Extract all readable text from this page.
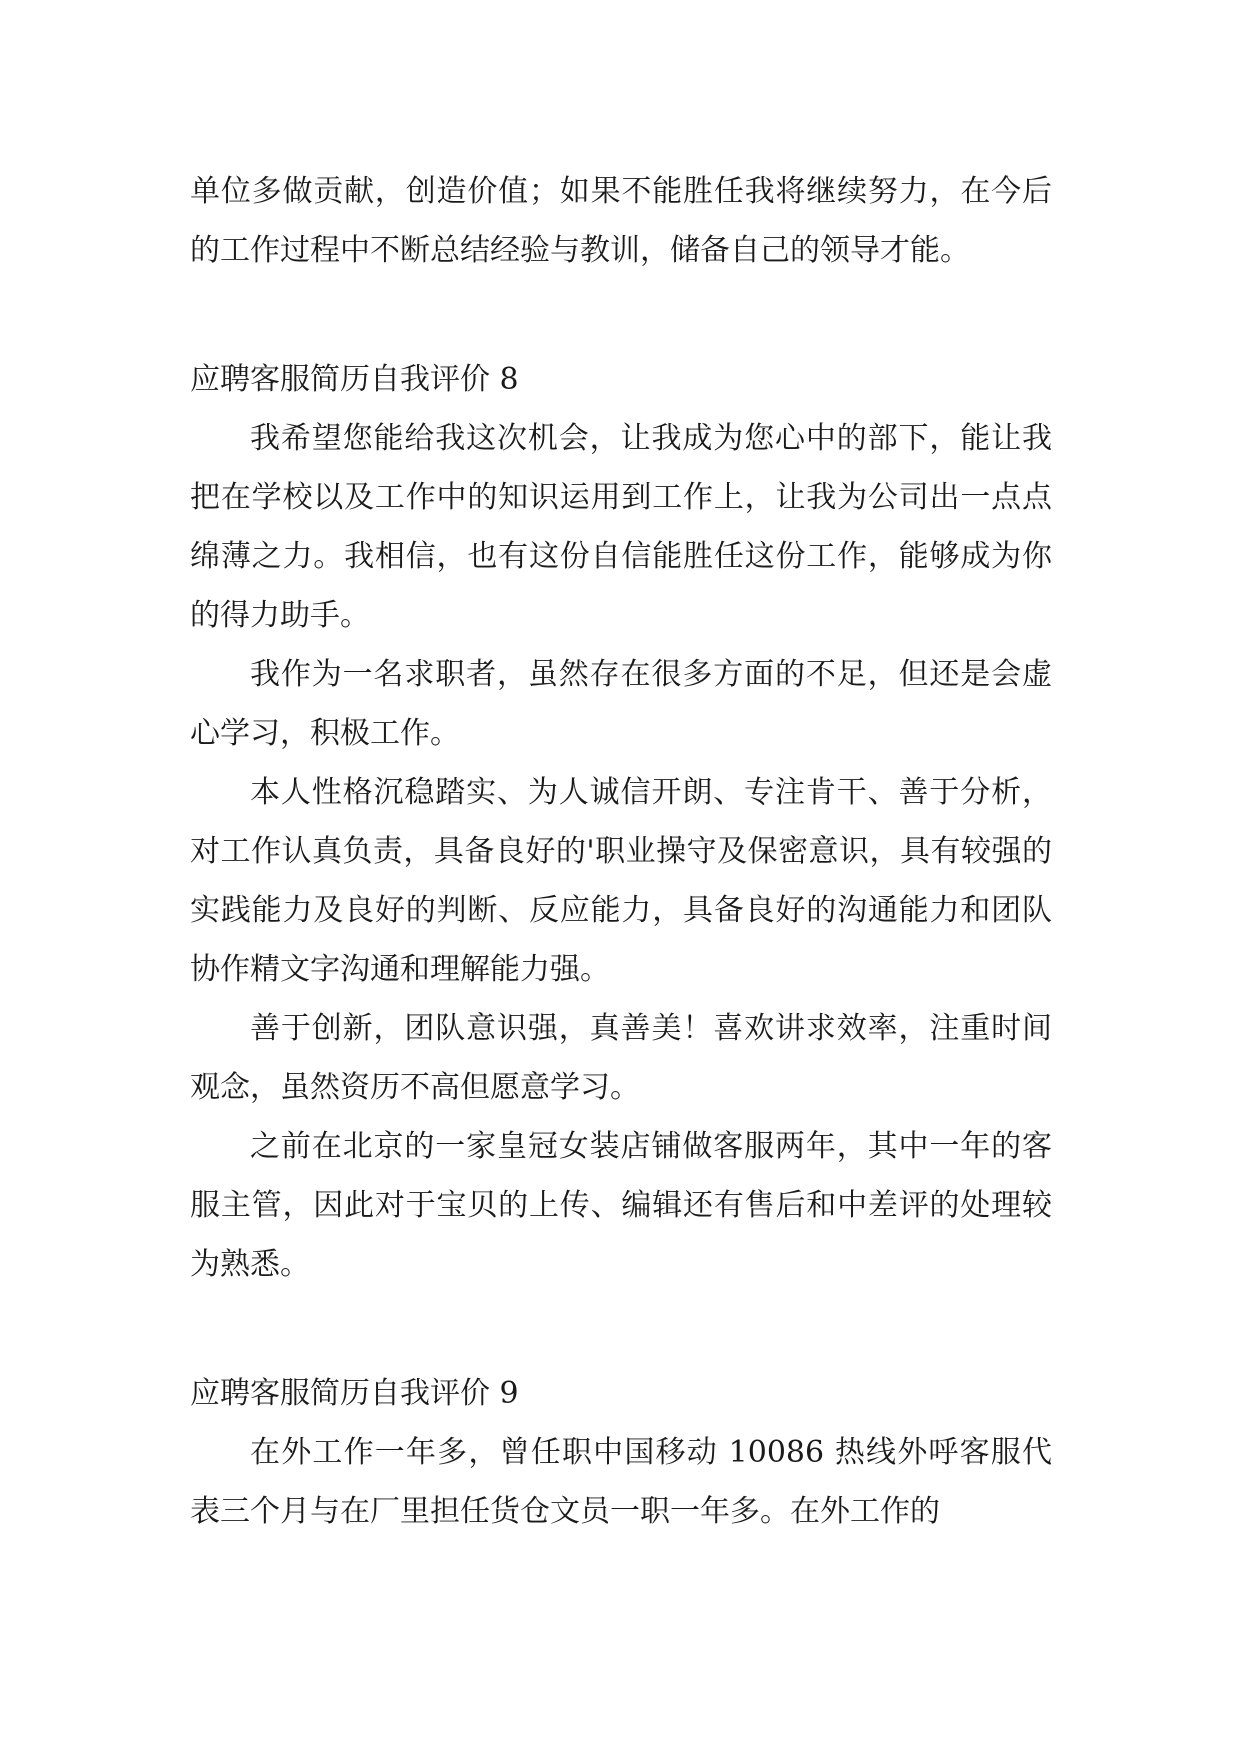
单位多做贡献，创造价值；如果不能胜任我将继续努力，在今后的工作过程中不断总结经验与教训，储备自己的领导才能。

应聘客服简历自我评价 8

我希望您能给我这次机会，让我成为您心中的部下，能让我把在学校以及工作中的知识运用到工作上，让我为公司出一点点绵薄之力。我相信，也有这份自信能胜任这份工作，能够成为你的得力助手。

我作为一名求职者，虽然存在很多方面的不足，但还是会虚心学习，积极工作。

本人性格沉稳踏实、为人诚信开朗、专注肯干、善于分析，对工作认真负责，具备良好的'职业操守及保密意识，具有较强的实践能力及良好的判断、反应能力，具备良好的沟通能力和团队协作精文字沟通和理解能力强。

善于创新，团队意识强，真善美！喜欢讲求效率，注重时间观念，虽然资历不高但愿意学习。

之前在北京的一家皇冠女装店铺做客服两年，其中一年的客服主管，因此对于宝贝的上传、编辑还有售后和中差评的处理较为熟悉。

应聘客服简历自我评价 9

在外工作一年多，曾任职中国移动 10086 热线外呼客服代表三个月与在厂里担任货仓文员一职一年多。在外工作的
